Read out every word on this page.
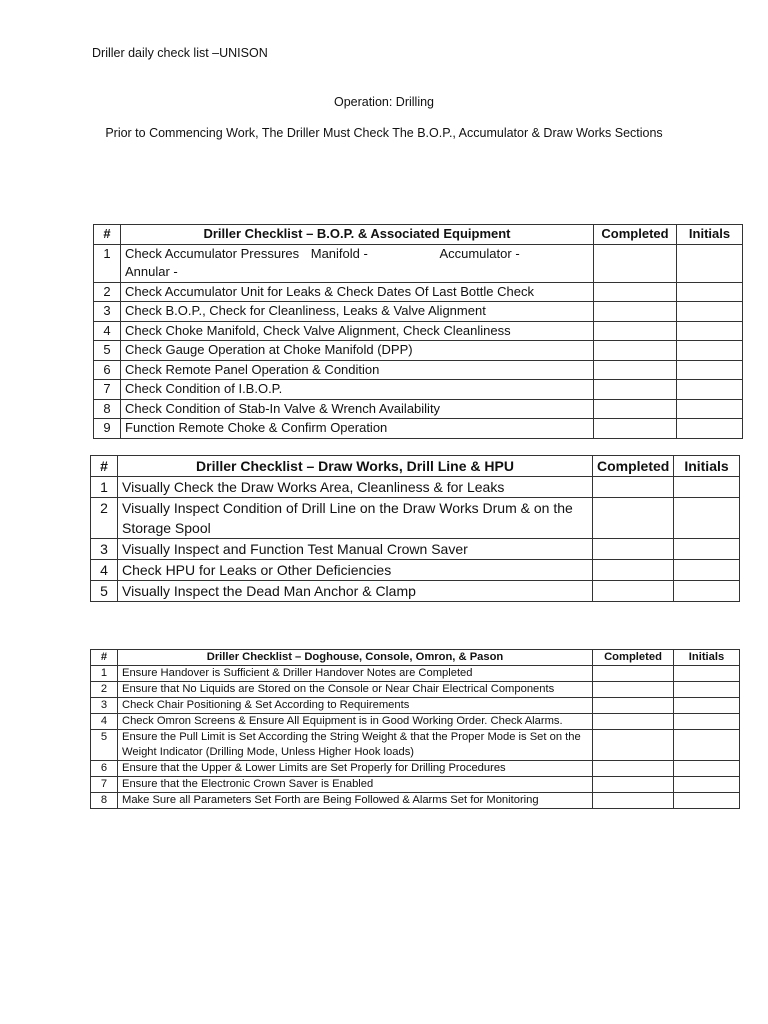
Driller daily check list –UNISON
Operation: Drilling
Prior to Commencing Work, The Driller Must Check The B.O.P., Accumulator & Draw Works Sections
#	Driller Checklist – B.O.P. & Associated Equipment	Completed	Initials
1	Check Accumulator Pressures Manifold - Accumulator -
Annular -		
2	Check Accumulator Unit for Leaks & Check Dates Of Last Bottle Check		
3	Check B.O.P., Check for Cleanliness, Leaks & Valve Alignment		
4	Check Choke Manifold, Check Valve Alignment, Check Cleanliness		
5	Check Gauge Operation at Choke Manifold (DPP)		
6	Check Remote Panel Operation & Condition		
7	Check Condition of I.B.O.P.		
8	Check Condition of Stab-In Valve & Wrench Availability		
9	Function Remote Choke & Confirm Operation		
#	Driller Checklist – Draw Works, Drill Line & HPU	Completed	Initials
1	Visually Check the Draw Works Area, Cleanliness & for Leaks		
2	Visually Inspect Condition of Drill Line on the Draw Works Drum & on the Storage Spool		
3	Visually Inspect and Function Test Manual Crown Saver		
4	Check HPU for Leaks or Other Deficiencies		
5	Visually Inspect the Dead Man Anchor & Clamp		
#	Driller Checklist – Doghouse, Console, Omron, & Pason	Completed	Initials
1	Ensure Handover is Sufficient & Driller Handover Notes are Completed		
2	Ensure that No Liquids are Stored on the Console or Near Chair Electrical Components		
3	Check Chair Positioning & Set According to Requirements		
4	Check Omron Screens & Ensure All Equipment is in Good Working Order. Check Alarms.		
5	Ensure the Pull Limit is Set According the String Weight & that the Proper Mode is Set on the Weight Indicator (Drilling Mode, Unless Higher Hook loads)		
6	Ensure that the Upper & Lower Limits are Set Properly for Drilling Procedures		
7	Ensure that the Electronic Crown Saver is Enabled		
8	Make Sure all Parameters Set Forth are Being Followed & Alarms Set for Monitoring		
